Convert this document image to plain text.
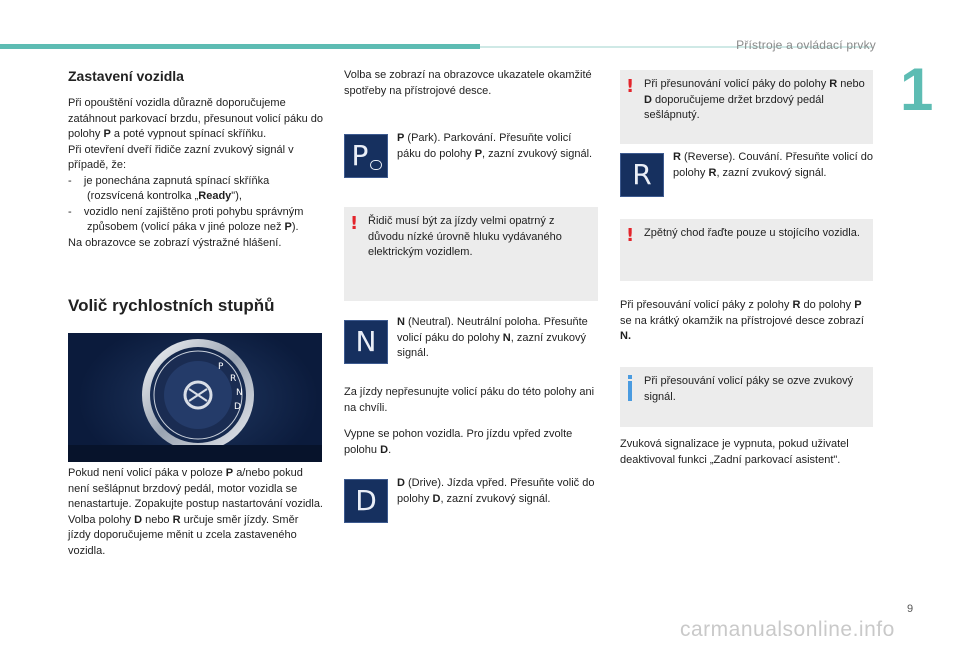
Přístroje a ovládací prvky
1
Zastavení vozidla

Při opouštění vozidla důrazně doporučujeme zatáhnout parkovací brzdu, přesunout volicí páku do polohy P a poté vypnout spínací skříňku.

Při otevření dveří řidiče zazní zvukový signál v případě, že:

-    je ponechána zapnutá spínací skříňka (rozsvícená kontrolka „Ready"),

-    vozidlo není zajištěno proti pohybu správným způsobem (volicí páka v jiné poloze než P).

Na obrazovce se zobrazí výstražné hlášení.

Volič rychlostních stupňů
P
R
N
D

Pokud není volicí páka v poloze P a/nebo pokud není sešlápnut brzdový pedál, motor vozidla se nenastartuje. Zopakujte postup nastartování vozidla.

Volba polohy D nebo R určuje směr jízdy. Směr jízdy doporučujeme měnit u zcela zastaveného vozidla.

Volba se zobrazí na obrazovce ukazatele okamžité spotřeby na přístrojové desce.
P
P (Park). Parkování. Přesuňte volicí páku do polohy P, zazní zvukový signál.
! Řidič musí být za jízdy velmi opatrný z důvodu nízké úrovně hluku vydávaného elektrickým vozidlem.
N
N (Neutral). Neutrální poloha. Přesuňte volicí páku do polohy N, zazní zvukový signál.
Za jízdy nepřesunujte volicí páku do této polohy ani na chvíli.
Vypne se pohon vozidla. Pro jízdu vpřed zvolte polohu D.
D
D (Drive). Jízda vpřed. Přesuňte volič do polohy D, zazní zvukový signál.
! Při přesunování volicí páky do polohy R nebo D doporučujeme držet brzdový pedál sešlápnutý.
R
R (Reverse). Couvání. Přesuňte volicí do polohy R, zazní zvukový signál.
! Zpětný chod řaďte pouze u stojícího vozidla.
Při přesouvání volicí páky z polohy R do polohy P se na krátký okamžik na přístrojové desce zobrazí N.
Při přesouvání volicí páky se ozve zvukový signál.
Zvuková signalizace je vypnuta, pokud uživatel deaktivoval funkci „Zadní parkovací asistent".
9
carmanualsonline.info
